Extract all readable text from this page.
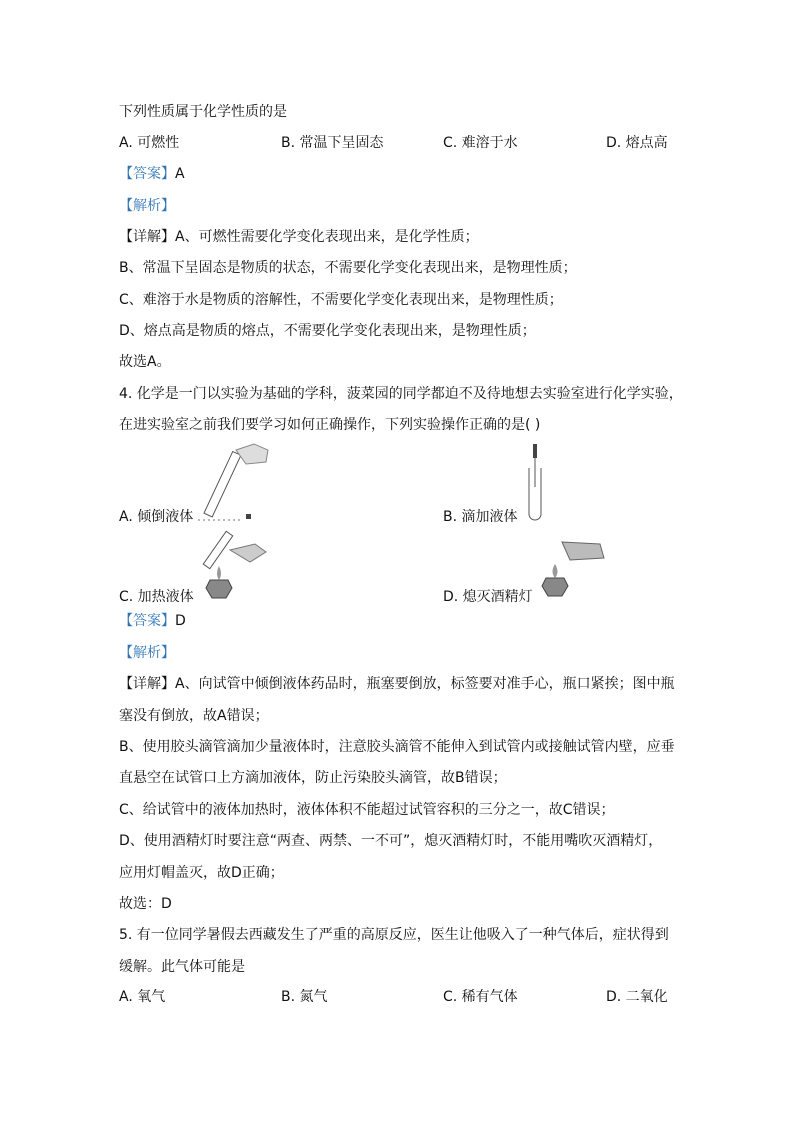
下列性质属于化学性质的是
A. 可燃性	B. 常温下呈固态	C. 难溶于水	D. 熔点高
【答案】A
【解析】
【详解】A、可燃性需要化学变化表现出来，是化学性质；
B、常温下呈固态是物质的状态，不需要化学变化表现出来，是物理性质；
C、难溶于水是物质的溶解性，不需要化学变化表现出来，是物理性质；
D、熔点高是物质的熔点，不需要化学变化表现出来，是物理性质；
故选A。
4. 化学是一门以实验为基础的学科，菠菜园的同学都迫不及待地想去实验室进行化学实验，
在进实验室之前我们要学习如何正确操作，下列实验操作正确的是( )
A. 倾倒液体	B. 滴加液体
C. 加热液体	D. 熄灭酒精灯
【答案】D
【解析】
【详解】A、向试管中倾倒液体药品时，瓶塞要倒放，标签要对准手心，瓶口紧挨；图中瓶
塞没有倒放，故A错误；
B、使用胶头滴管滴加少量液体时，注意胶头滴管不能伸入到试管内或接触试管内壁，应垂
直悬空在试管口上方滴加液体，防止污染胶头滴管，故B错误；
C、给试管中的液体加热时，液体体积不能超过试管容积的三分之一，故C错误；
D、使用酒精灯时要注意“两查、两禁、一不可”，熄灭酒精灯时，不能用嘴吹灭酒精灯，
应用灯帽盖灭，故D正确；
故选：D
5. 有一位同学暑假去西藏发生了严重的高原反应，医生让他吸入了一种气体后，症状得到
缓解。此气体可能是
A. 氧气	B. 氮气	C. 稀有气体	D. 二氧化
